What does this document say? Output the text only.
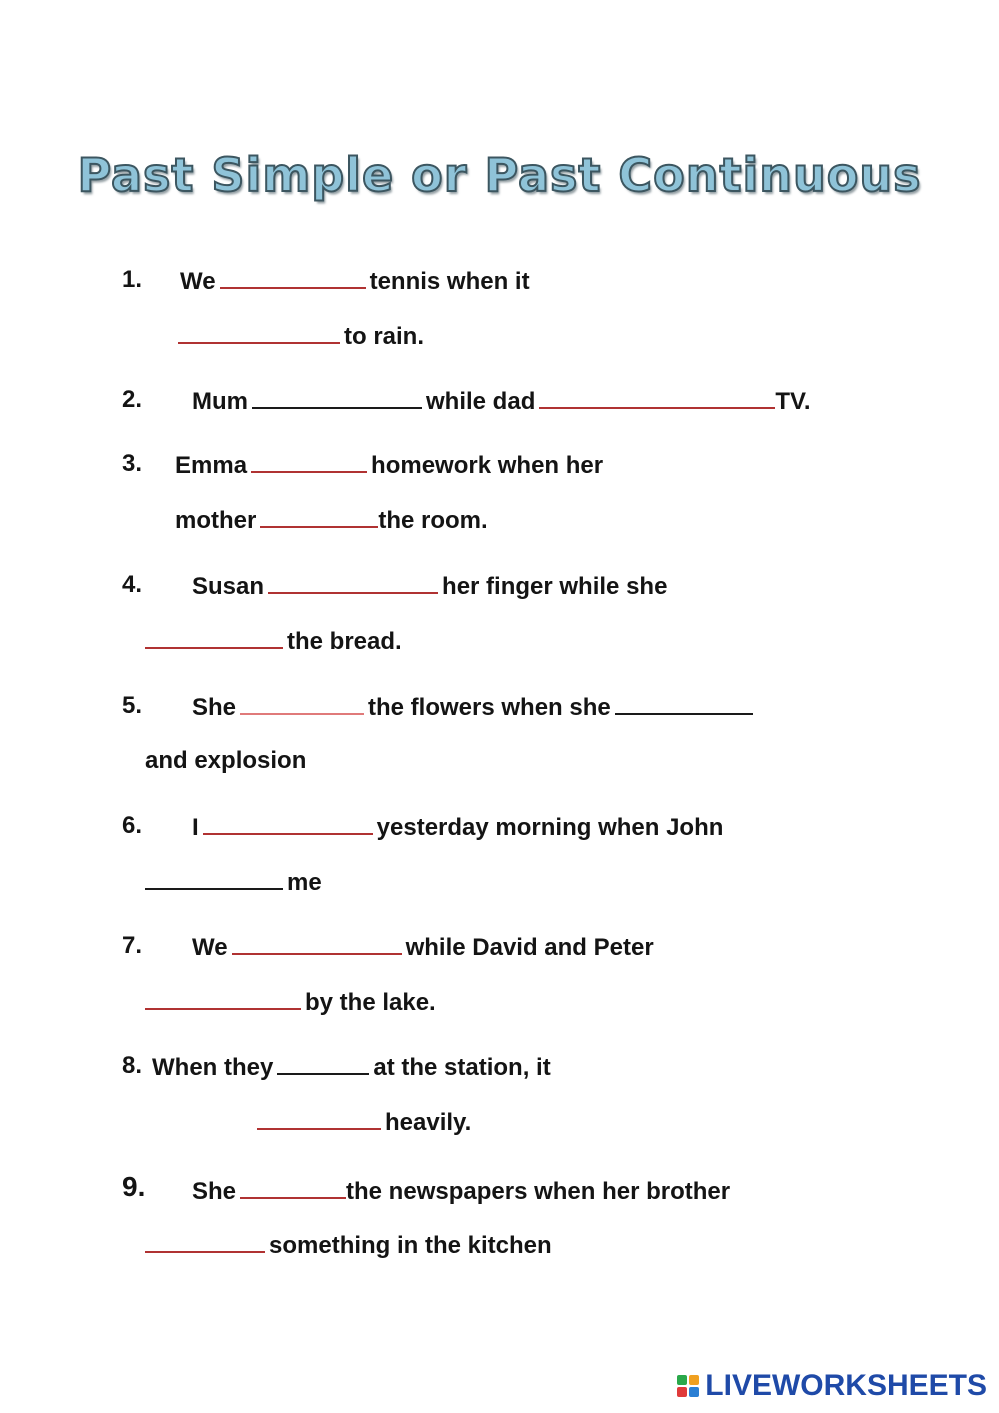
Past Simple or Past Continuous
1. We	tennis when it
to rain.
2. Mum	while dad	TV.
3. Emma	homework when her
mother	the room.
4. Susan	her finger while she
the bread.
5. She	the flowers when she
and explosion
6. I	yesterday morning when John
me
7. We	while David and Peter
by the lake.
8. When they	at the station, it
heavily.
9. She	the newspapers when her brother
something in the kitchen
LIVEWORKSHEETS
